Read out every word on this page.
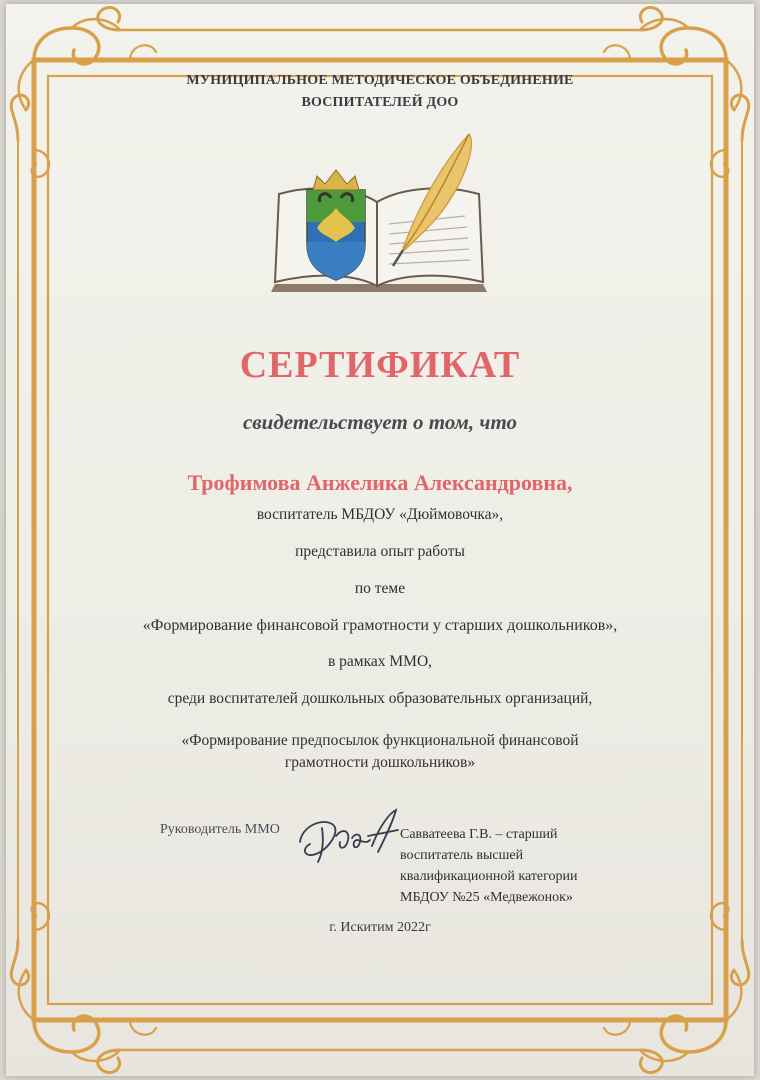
МУНИЦИПАЛЬНОЕ МЕТОДИЧЕСКОЕ ОБЪЕДИНЕНИЕ
ВОСПИТАТЕЛЕЙ ДОО
СЕРТИФИКАТ
свидетельствует о том, что
Трофимова Анжелика Александровна,
воспитатель МБДОУ «Дюймовочка»,
представила опыт работы
по теме
«Формирование финансовой грамотности у старших дошкольников»,
в рамках ММО,
среди воспитателей дошкольных образовательных организаций,
«Формирование предпосылок функциональной финансовой
грамотности дошкольников»
Руководитель ММО	Савватеева Г.В. – старший
воспитатель высшей
квалификационной категории
МБДОУ №25 «Медвежонок»
г. Искитим 2022г
